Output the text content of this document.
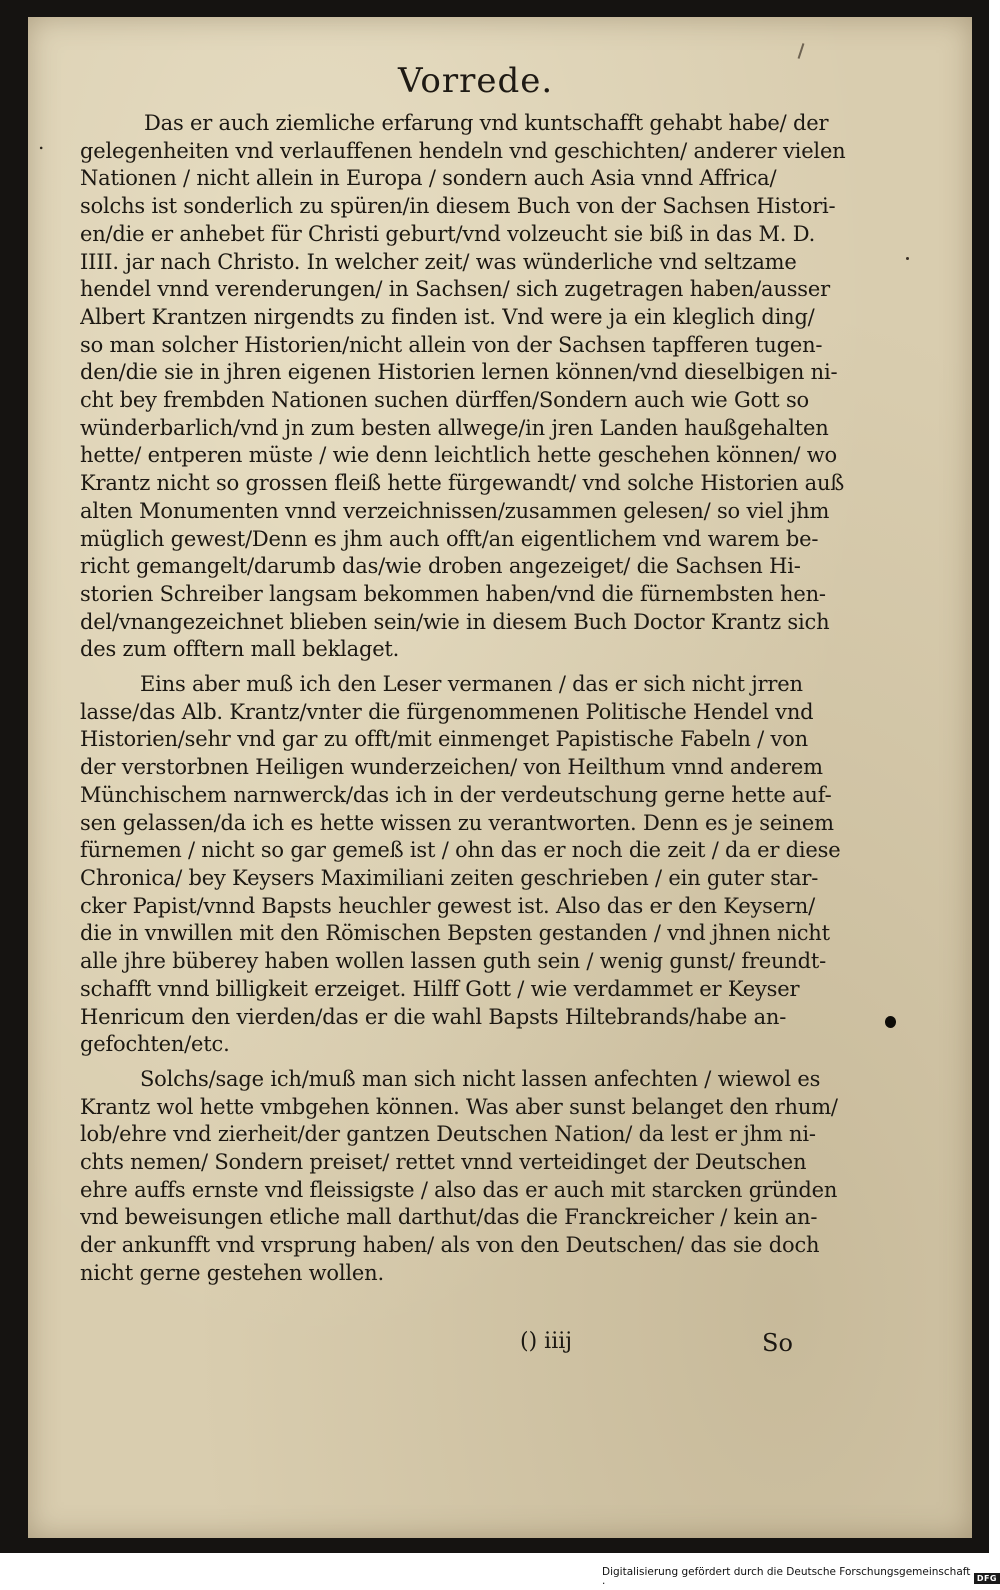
Vorrede.
.
Das er auch ziemliche erfarung vnd kuntschafft gehabt habe/ der
gelegenheiten vnd verlauffenen hendeln vnd geschichten/ anderer vielen
Nationen / nicht allein in Europa / sondern auch Asia vnnd Affrica/
solchs ist sonderlich zu spüren/in diesem Buch von der Sachsen Histori-
en/die er anhebet für Christi geburt/vnd volzeucht sie biß in das M. D.
IIII. jar nach Christo. In welcher zeit/ was wünderliche vnd seltzame
hendel vnnd verenderungen/ in Sachsen/ sich zugetragen haben/ausser
Albert Krantzen nirgendts zu finden ist. Vnd were ja ein kleglich ding/
so man solcher Historien/nicht allein von der Sachsen tapfferen tugen-
den/die sie in jhren eigenen Historien lernen können/vnd dieselbigen ni-
cht bey frembden Nationen suchen dürffen/Sondern auch wie Gott so
wünderbarlich/vnd jn zum besten allwege/in jren Landen haußgehalten
hette/ entperen müste / wie denn leichtlich hette geschehen können/ wo
Krantz nicht so grossen fleiß hette fürgewandt/ vnd solche Historien auß
alten Monumenten vnnd verzeichnissen/zusammen gelesen/ so viel jhm
müglich gewest/Denn es jhm auch offt/an eigentlichem vnd warem be-
richt gemangelt/darumb das/wie droben angezeiget/ die Sachsen Hi-
storien Schreiber langsam bekommen haben/vnd die fürnembsten hen-
del/vnangezeichnet blieben sein/wie in diesem Buch Doctor Krantz sich
des zum offtern mall beklaget.
Eins aber muß ich den Leser vermanen / das er sich nicht jrren
lasse/das Alb. Krantz/vnter die fürgenommenen Politische Hendel vnd
Historien/sehr vnd gar zu offt/mit einmenget Papistische Fabeln / von
der verstorbnen Heiligen wunderzeichen/ von Heilthum vnnd anderem
Münchischem narnwerck/das ich in der verdeutschung gerne hette auf-
sen gelassen/da ich es hette wissen zu verantworten. Denn es je seinem
fürnemen / nicht so gar gemeß ist / ohn das er noch die zeit / da er diese
Chronica/ bey Keysers Maximiliani zeiten geschrieben / ein guter star-
cker Papist/vnnd Bapsts heuchler gewest ist. Also das er den Keysern/
die in vnwillen mit den Römischen Bepsten gestanden / vnd jhnen nicht
alle jhre büberey haben wollen lassen guth sein / wenig gunst/ freundt-
schafft vnnd billigkeit erzeiget. Hilff Gott / wie verdammet er Keyser
Henricum den vierden/das er die wahl Bapsts Hiltebrands/habe an-
gefochten/etc.
Solchs/sage ich/muß man sich nicht lassen anfechten / wiewol es
Krantz wol hette vmbgehen können. Was aber sunst belanget den rhum/
lob/ehre vnd zierheit/der gantzen Deutschen Nation/ da lest er jhm ni-
chts nemen/ Sondern preiset/ rettet vnnd verteidinget der Deutschen
ehre auffs ernste vnd fleissigste / also das er auch mit starcken gründen
vnd beweisungen etliche mall darthut/das die Franckreicher / kein an-
der ankunfft vnd vrsprung haben/ als von den Deutschen/ das sie doch
nicht gerne gestehen wollen.
() iiij	So
Digitalisierung gefördert durch die Deutsche Forschungsgemeinschaft ·	DFG
